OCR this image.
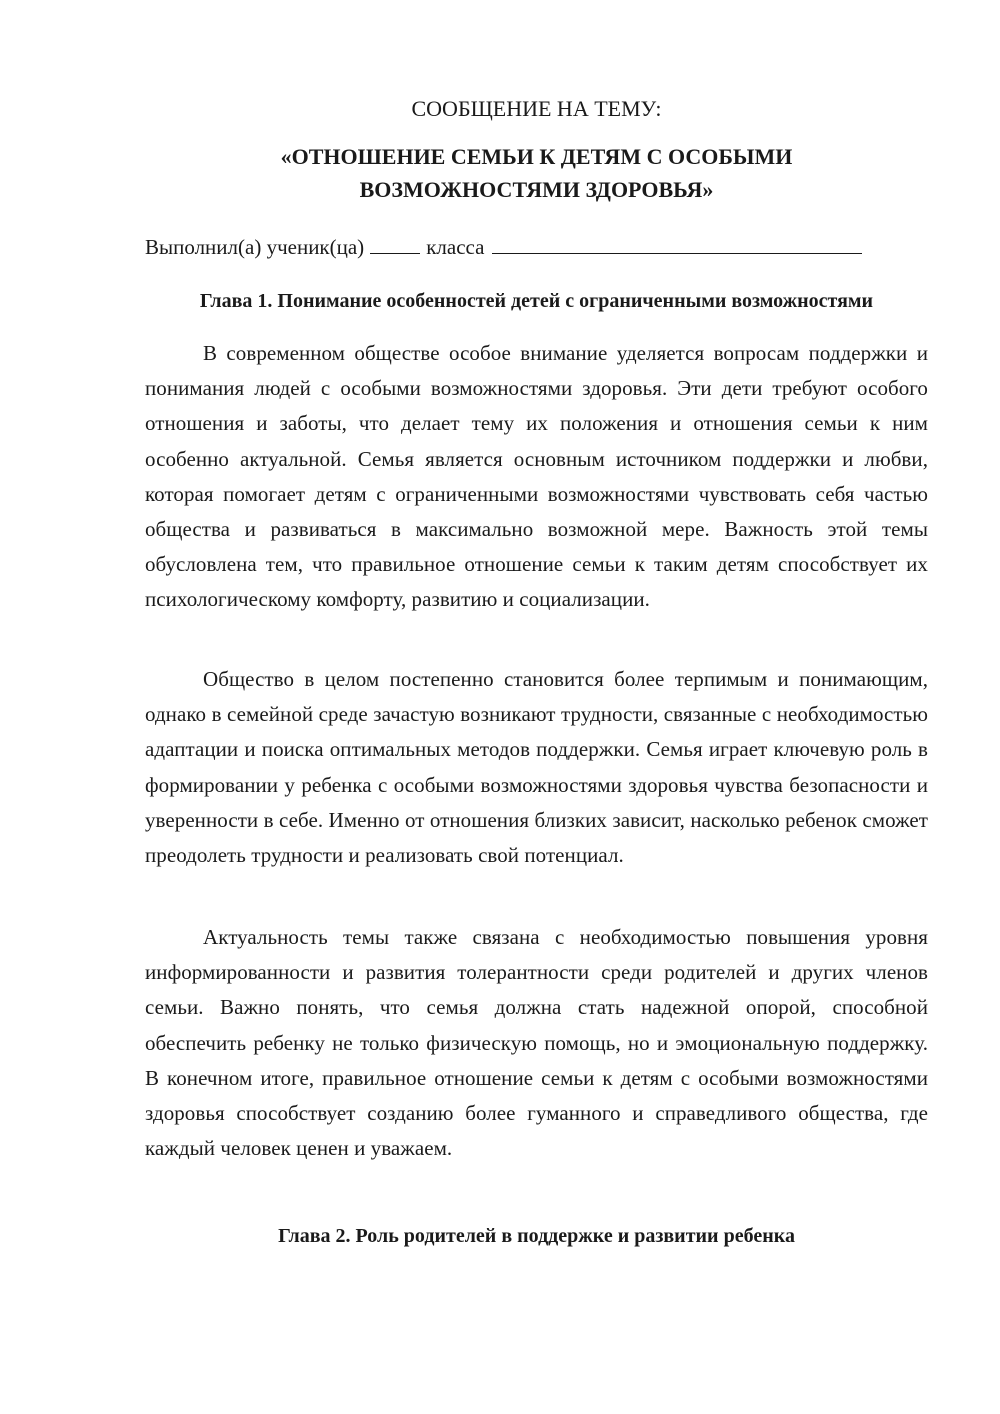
СООБЩЕНИЕ НА ТЕМУ:

«ОТНОШЕНИЕ СЕМЬИ К ДЕТЯМ С ОСОБЫМИ
ВОЗМОЖНОСТЯМИ ЗДОРОВЬЯ»

Выполнил(а) ученик(ца)	класса

Глава 1. Понимание особенностей детей с ограниченными возможностями

В современном обществе особое внимание уделяется вопросам поддержки и понимания людей с особыми возможностями здоровья. Эти дети требуют особого отношения и заботы, что делает тему их положения и отношения семьи к ним особенно актуальной. Семья является основным источником поддержки и любви, которая помогает детям с ограниченными возможностями чувствовать себя частью общества и развиваться в максимально возможной мере. Важность этой темы обусловлена тем, что правильное отношение семьи к таким детям способствует их психологическому комфорту, развитию и социализации.

Общество в целом постепенно становится более терпимым и понимающим, однако в семейной среде зачастую возникают трудности, связанные с необходимостью адаптации и поиска оптимальных методов поддержки. Семья играет ключевую роль в формировании у ребенка с особыми возможностями здоровья чувства безопасности и уверенности в себе. Именно от отношения близких зависит, насколько ребенок сможет преодолеть трудности и реализовать свой потенциал.

Актуальность темы также связана с необходимостью повышения уровня информированности и развития толерантности среди родителей и других членов семьи. Важно понять, что семья должна стать надежной опорой, способной обеспечить ребенку не только физическую помощь, но и эмоциональную поддержку. В конечном итоге, правильное отношение семьи к детям с особыми возможностями здоровья способствует созданию более гуманного и справедливого общества, где каждый человек ценен и уважаем.

Глава 2. Роль родителей в поддержке и развитии ребенка
